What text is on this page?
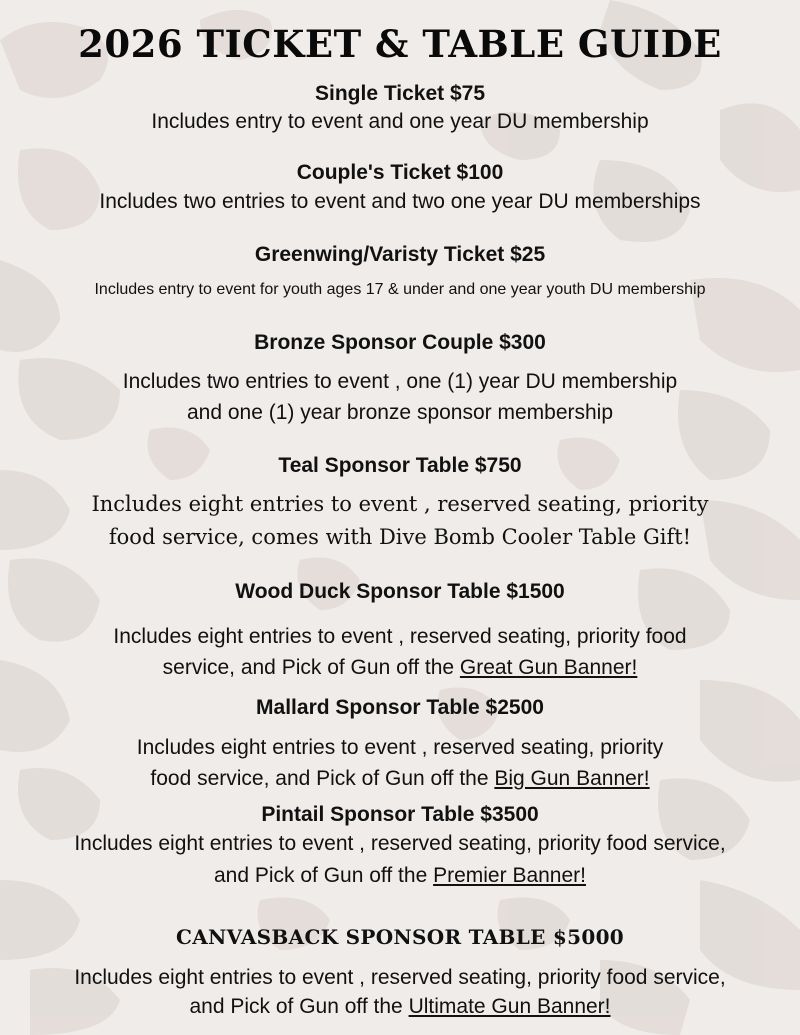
2026 TICKET & TABLE GUIDE
Single Ticket $75
Includes entry to event and one year DU membership
Couple's Ticket $100
Includes two entries to event and two one year DU memberships
Greenwing/Varisty Ticket $25
Includes entry to event for youth ages 17 & under and one year youth DU membership
Bronze Sponsor Couple $300
Includes two entries to event , one (1) year DU membership
and one (1) year bronze sponsor membership
Teal Sponsor Table $750
Includes eight entries to event , reserved seating, priority
food service, comes with Dive Bomb Cooler Table Gift!
Wood Duck Sponsor Table $1500
Includes eight entries to event , reserved seating, priority food
service, and Pick of Gun off the Great Gun Banner!
Mallard Sponsor Table $2500
Includes eight entries to event , reserved seating, priority
food service, and Pick of Gun off the Big Gun Banner!
Pintail Sponsor Table $3500
Includes eight entries to event , reserved seating, priority food service,
and Pick of Gun off the Premier Banner!
CANVASBACK SPONSOR TABLE $5000
Includes eight entries to event , reserved seating, priority food service,
and Pick of Gun off the Ultimate Gun Banner!
